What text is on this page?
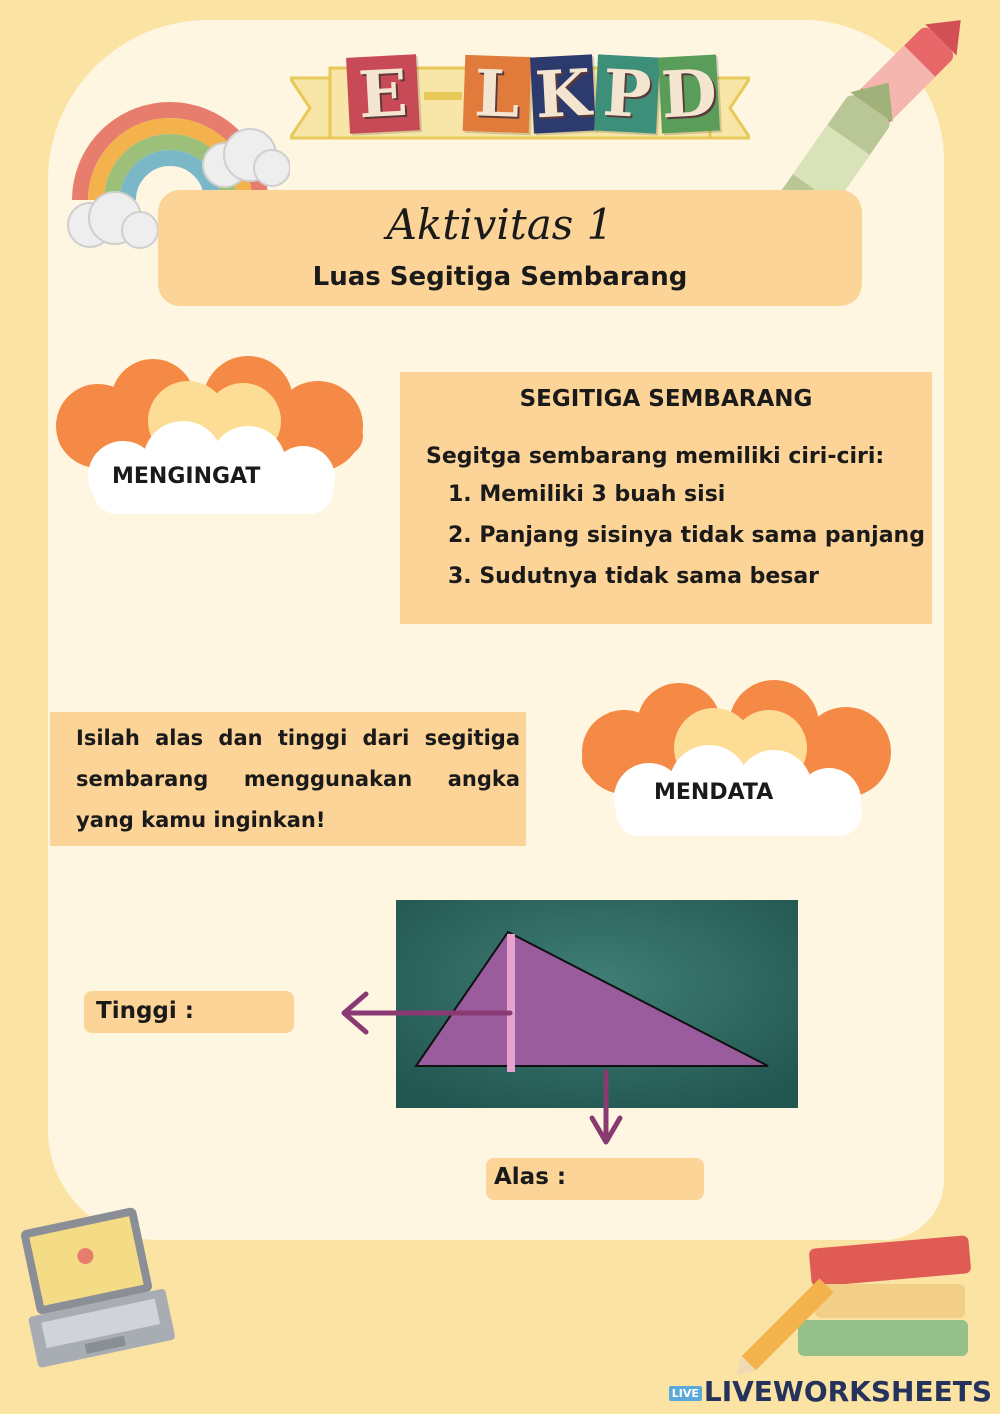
E L K P D
Aktivitas 1
Luas Segitiga Sembarang
MENGINGAT
SEGITIGA SEMBARANG
Segitga sembarang memiliki ciri-ciri:
1. Memiliki 3 buah sisi
2. Panjang sisinya tidak sama panjang
3. Sudutnya tidak sama besar
Isilah alas dan tinggi dari segitiga sembarang menggunakan angka yang kamu inginkan!
MENDATA
Tinggi :
Alas :
LIVE LIVEWORKSHEETS
